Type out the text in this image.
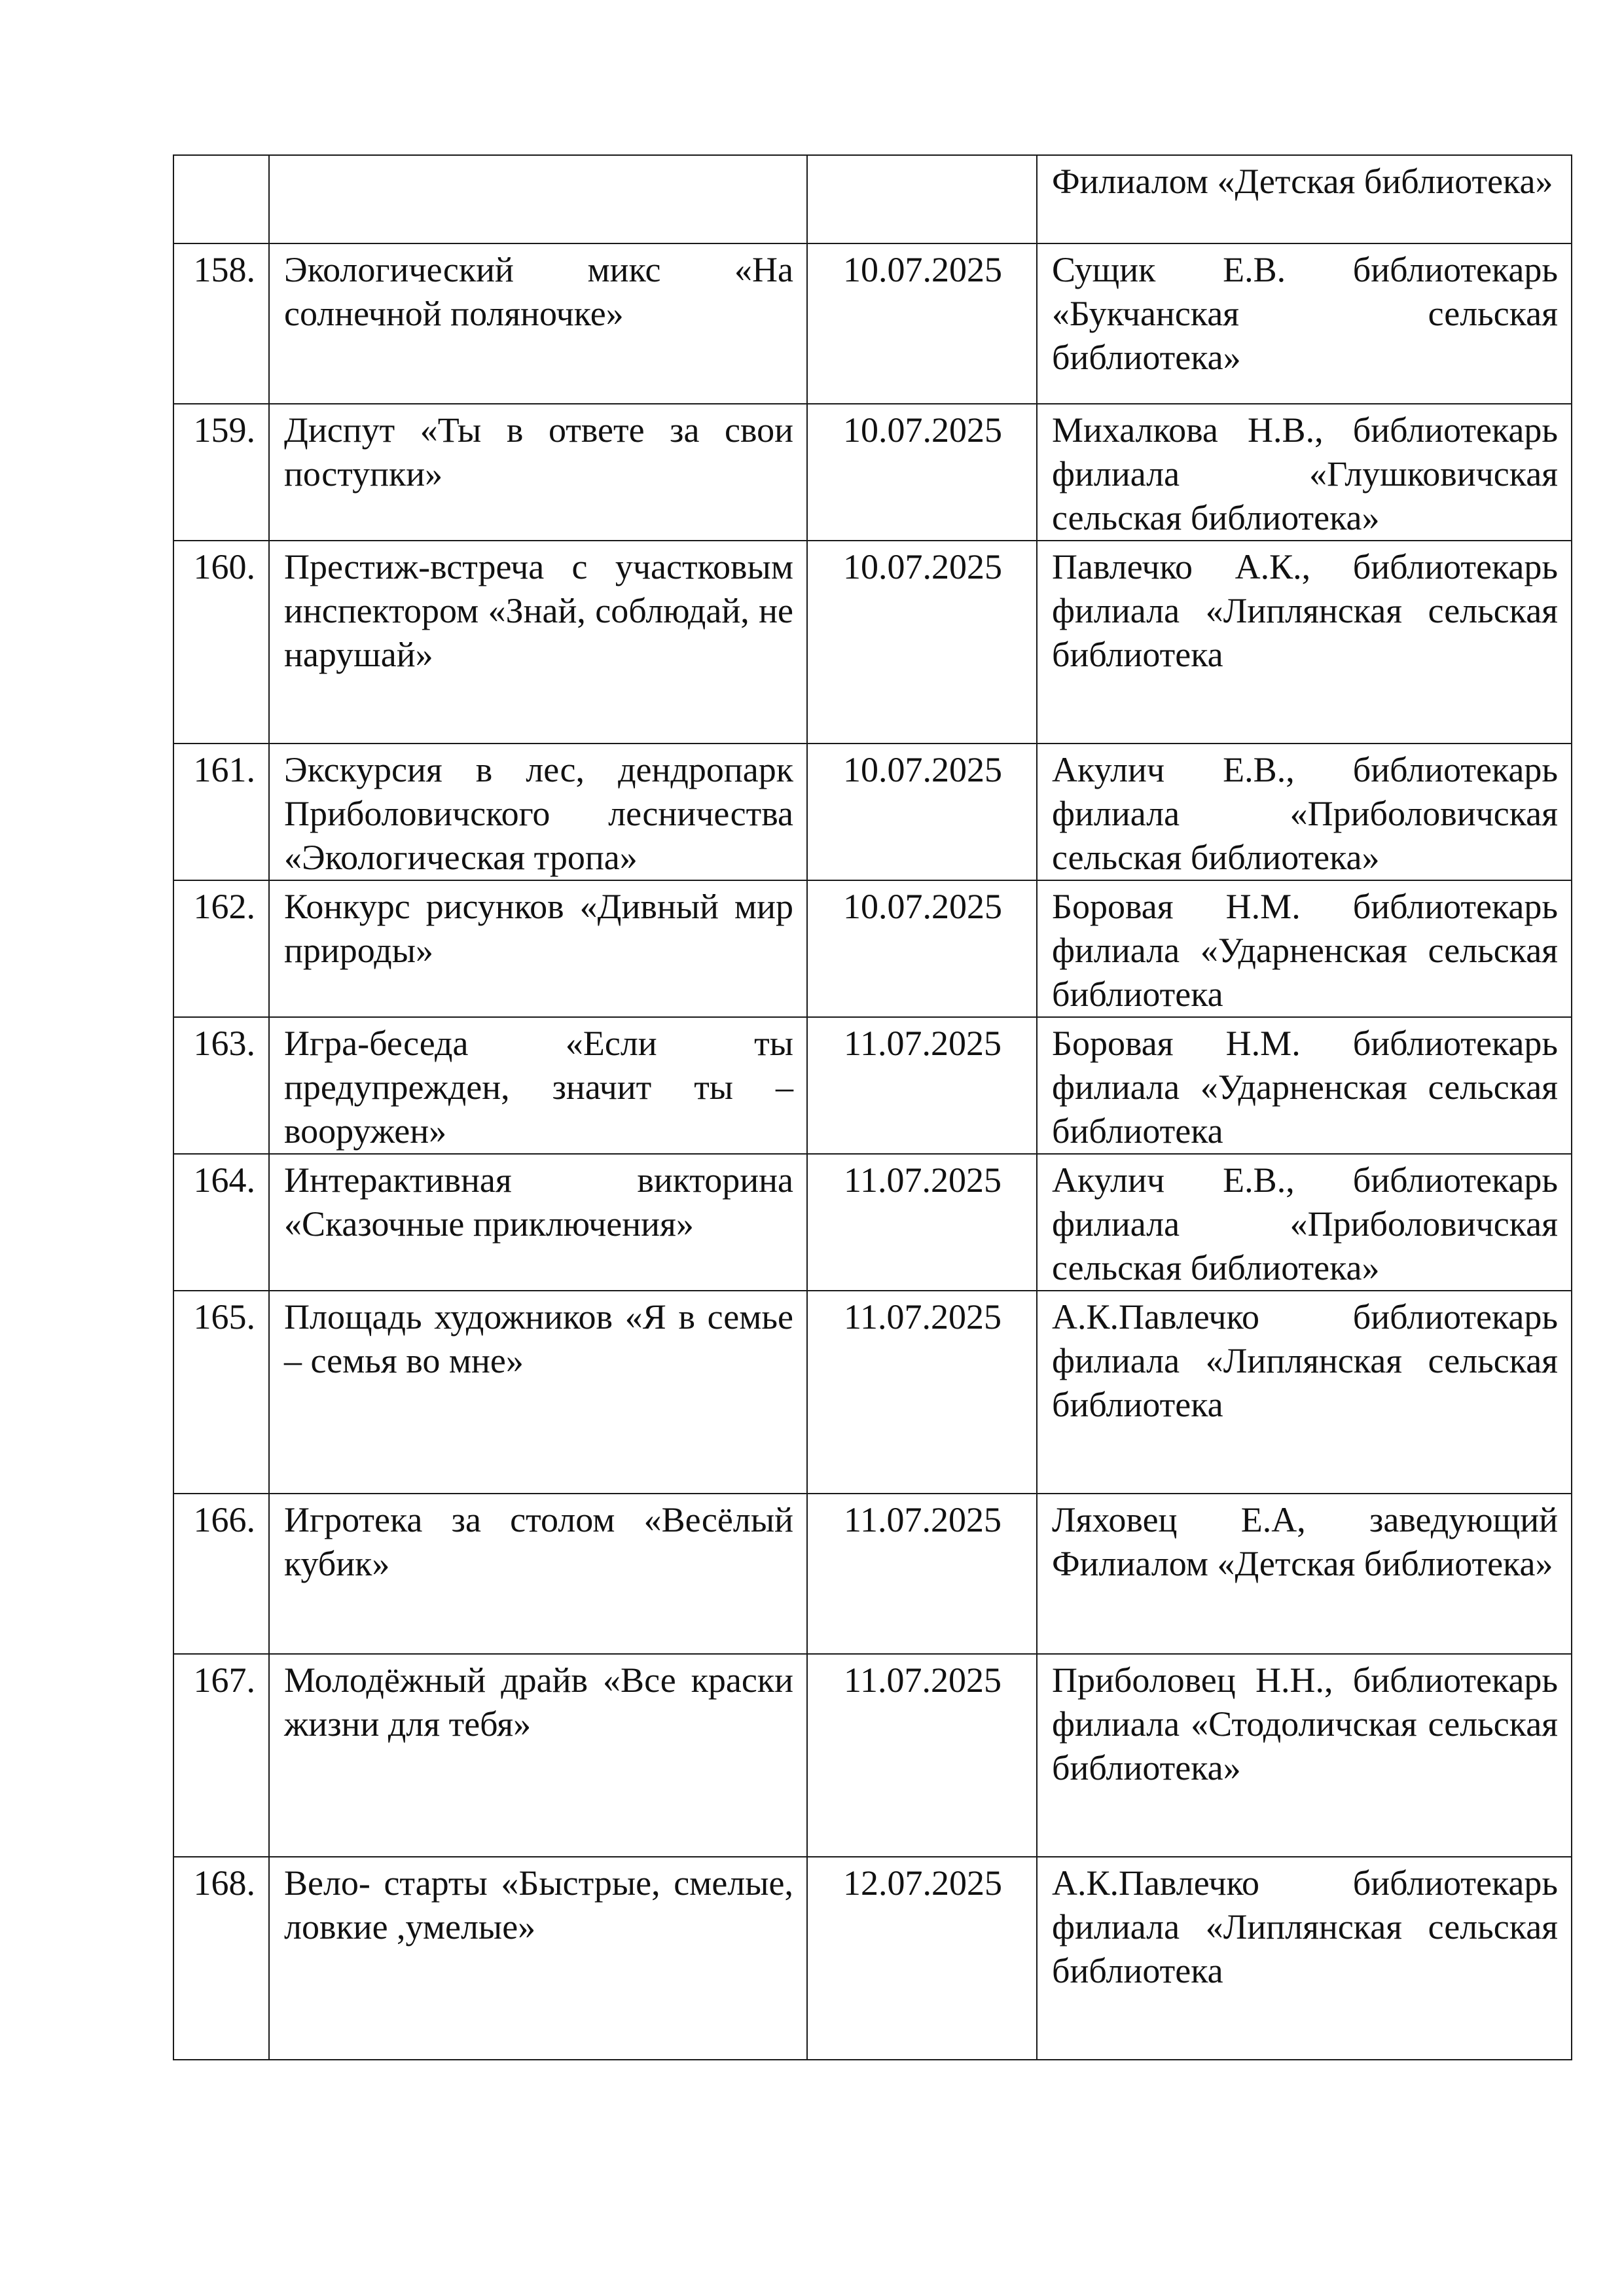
			Филиалом «Детская библиотека»
158.	Экологический микс «На солнечной поляночке»	10.07.2025	Сущик Е.В. библиотекарь «Букчанская сельская библиотека»
159.	Диспут «Ты в ответе за свои поступки»	10.07.2025	Михалкова Н.В., библиотекарь филиала «Глушковичская сельская библиотека»
160.	Престиж-встреча с участковым инспектором «Знай, соблюдай, не нарушай»	10.07.2025	Павлечко А.К., библиотекарь филиала «Липлянская сельская библиотека
161.	Экскурсия в лес, дендропарк Приболовичского лесничества «Экологическая тропа»	10.07.2025	Акулич Е.В., библиотекарь филиала «Приболовичская сельская библиотека»
162.	Конкурс рисунков «Дивный мир природы»	10.07.2025	Боровая Н.М. библиотекарь филиала «Ударненская сельская библиотека
163.	Игра-беседа «Если ты предупрежден, значит ты – вооружен»	11.07.2025	Боровая Н.М. библиотекарь филиала «Ударненская сельская библиотека
164.	Интерактивная викторина «Сказочные приключения»	11.07.2025	Акулич Е.В., библиотекарь филиала «Приболовичская сельская библиотека»
165.	Площадь художников «Я в семье – семья во мне»	11.07.2025	А.К.Павлечко библиотекарь филиала «Липлянская сельская библиотека
166.	Игротека за столом «Весёлый кубик»	11.07.2025	Ляховец Е.А, заведующий Филиалом «Детская библиотека»
167.	Молодёжный драйв «Все краски жизни для тебя»	11.07.2025	Приболовец Н.Н., библиотекарь филиала «Стодоличская сельская библиотека»
168.	Вело- старты «Быстрые, смелые, ловкие ,умелые»	12.07.2025	А.К.Павлечко библиотекарь филиала «Липлянская сельская библиотека
